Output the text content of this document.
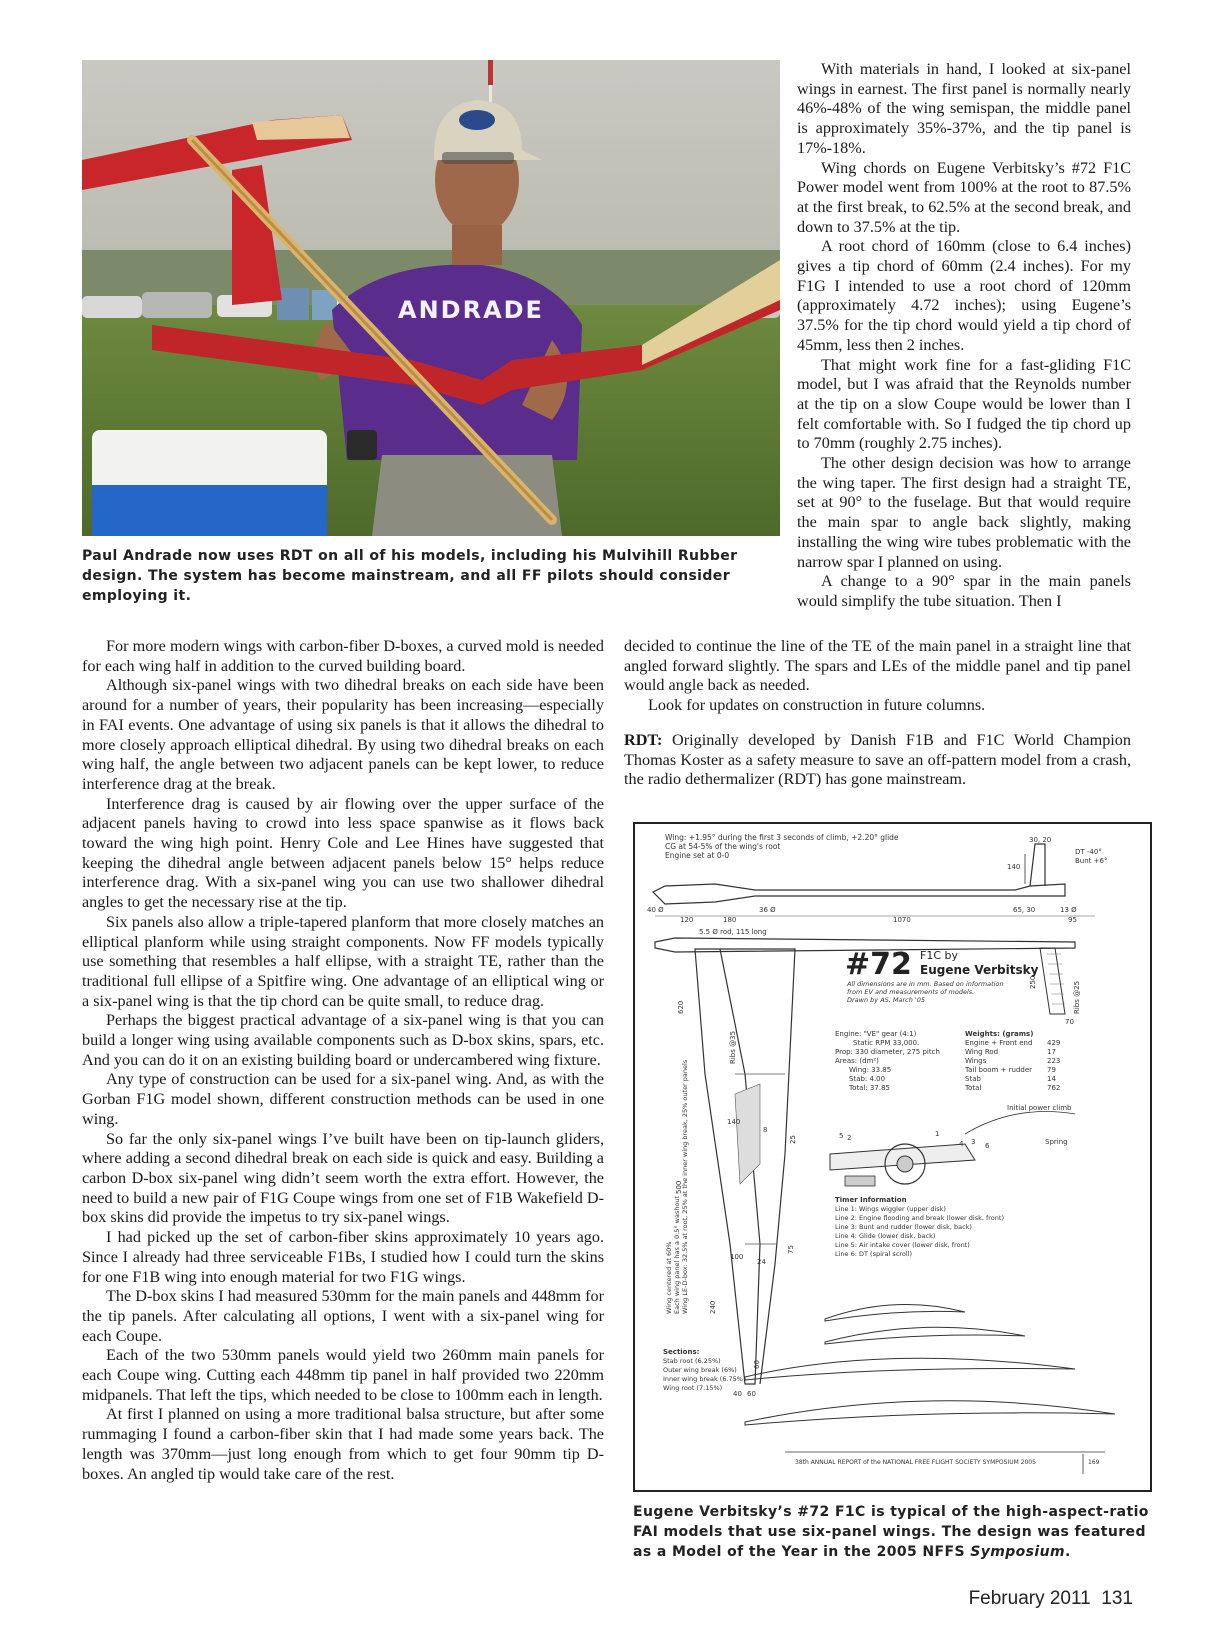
ANDRADE
Paul Andrade now uses RDT on all of his models, including his Mulvihill Rubber design. The system has become mainstream, and all FF pilots should consider employing it.

With materials in hand, I looked at six-panel wings in earnest. The first panel is normally nearly 46%-48% of the wing semispan, the middle panel is approximately 35%-37%, and the tip panel is 17%-18%.

Wing chords on Eugene Verbitsky’s #72 F1C Power model went from 100% at the root to 87.5% at the first break, to 62.5% at the second break, and down to 37.5% at the tip.

A root chord of 160mm (close to 6.4 inches) gives a tip chord of 60mm (2.4 inches). For my F1G I intended to use a root chord of 120mm (approximately 4.72 inches); using Eugene’s 37.5% for the tip chord would yield a tip chord of 45mm, less then 2 inches.

That might work fine for a fast-gliding F1C model, but I was afraid that the Reynolds number at the tip on a slow Coupe would be lower than I felt comfortable with. So I fudged the tip chord up to 70mm (roughly 2.75 inches).

The other design decision was how to arrange the wing taper. The first design had a straight TE, set at 90° to the fuselage. But that would require the main spar to angle back slightly, making installing the wing wire tubes problematic with the narrow spar I planned on using.

A change to a 90° spar in the main panels would simplify the tube situation. Then I

decided to continue the line of the TE of the main panel in a straight line that angled forward slightly. The spars and LEs of the middle panel and tip panel would angle back as needed.

Look for updates on construction in future columns.

RDT: Originally developed by Danish F1B and F1C World Champion Thomas Koster as a safety measure to save an off-pattern model from a crash, the radio dethermalizer (RDT) has gone mainstream.

For more modern wings with carbon-fiber D-boxes, a curved mold is needed for each wing half in addition to the curved building board.

Although six-panel wings with two dihedral breaks on each side have been around for a number of years, their popularity has been increasing—especially in FAI events. One advantage of using six panels is that it allows the dihedral to more closely approach elliptical dihedral. By using two dihedral breaks on each wing half, the angle between two adjacent panels can be kept lower, to reduce interference drag at the break.

Interference drag is caused by air flowing over the upper surface of the adjacent panels having to crowd into less space spanwise as it flows back toward the wing high point. Henry Cole and Lee Hines have suggested that keeping the dihedral angle between adjacent panels below 15° helps reduce interference drag. With a six-panel wing you can use two shallower dihedral angles to get the necessary rise at the tip.

Six panels also allow a triple-tapered planform that more closely matches an elliptical planform while using straight components. Now FF models typically use something that resembles a half ellipse, with a straight TE, rather than the traditional full ellipse of a Spitfire wing. One advantage of an elliptical wing or a six-panel wing is that the tip chord can be quite small, to reduce drag.

Perhaps the biggest practical advantage of a six-panel wing is that you can build a longer wing using available components such as D-box skins, spars, etc. And you can do it on an existing building board or undercambered wing fixture.

Any type of construction can be used for a six-panel wing. And, as with the Gorban F1G model shown, different construction methods can be used in one wing.

So far the only six-panel wings I’ve built have been on tip-launch gliders, where adding a second dihedral break on each side is quick and easy. Building a carbon D-box six-panel wing didn’t seem worth the extra effort. However, the need to build a new pair of F1G Coupe wings from one set of F1B Wakefield D-box skins did provide the impetus to try six-panel wings.

I had picked up the set of carbon-fiber skins approximately 10 years ago. Since I already had three serviceable F1Bs, I studied how I could turn the skins for one F1B wing into enough material for two F1G wings.

The D-box skins I had measured 530mm for the main panels and 448mm for the tip panels. After calculating all options, I went with a six-panel wing for each Coupe.

Each of the two 530mm panels would yield two 260mm main panels for each Coupe wing. Cutting each 448mm tip panel in half provided two 220mm midpanels. That left the tips, which needed to be close to 100mm each in length.

At first I planned on using a more traditional balsa structure, but after some rummaging I found a carbon-fiber skin that I had made some years back. The length was 370mm—just long enough from which to get four 90mm tip D-boxes. An angled tip would take care of the rest.

Wing: +1.95° during the first 3 seconds of climb, +2.20° glide
CG at 54-5% of the wing's root
Engine set at 0-0
30, 20
140
DT -40°
Bunt +6°
40 Ø
120	180
36 Ø
1070
65, 30	13 Ø
95
5.5 Ø rod, 115 long
250	Ribs @25
70
620
Ribs @35
140
8
25
500
100
24
75
240
60
40 60
Wing centered at 60% Each wing panel has a 0.5° washout Wing LE-D-box: 32.5% at root, 25% at the inner wing break, 25% outer panels
#72 F1C by
Eugene Verbitsky
All dimensions are in mm. Based on information
from EV and measurements of models.
Drawn by AS, March '05
Engine: "VE" gear (4:1)
Static RPM 33,000.
Prop: 330 diameter, 275 pitch
Areas: (dm²)
Wing: 33.85
Stab: 4.00
Total: 37.85
Weights: (grams)
Engine + Front end 429
Wing Rod	17
Wings	223
Tail boom + rudder 79
Stab	14
Total	762
Initial power climb
Spring
1
2
4 3 6
5
Timer Information
Line 1: Wings wiggler (upper disk)
Line 2: Engine flooding and break (lower disk, front)
Line 3: Bunt and rudder (lower disk, back)
Line 4: Glide (lower disk, back)
Line 5: Air intake cover (lower disk, front)
Line 6: DT (spiral scroll)
Sections:
Stab root (6.25%)
Outer wing break (6%)
Inner wing break (6.75%)
Wing root (7.15%)
38th ANNUAL REPORT of the NATIONAL FREE FLIGHT SOCIETY SYMPOSIUM 2005	169
Eugene Verbitsky’s #72 F1C is typical of the high-aspect-ratio FAI models that use six-panel wings. The design was featured as a Model of the Year in the 2005 NFFS Symposium.
February 2011 131
